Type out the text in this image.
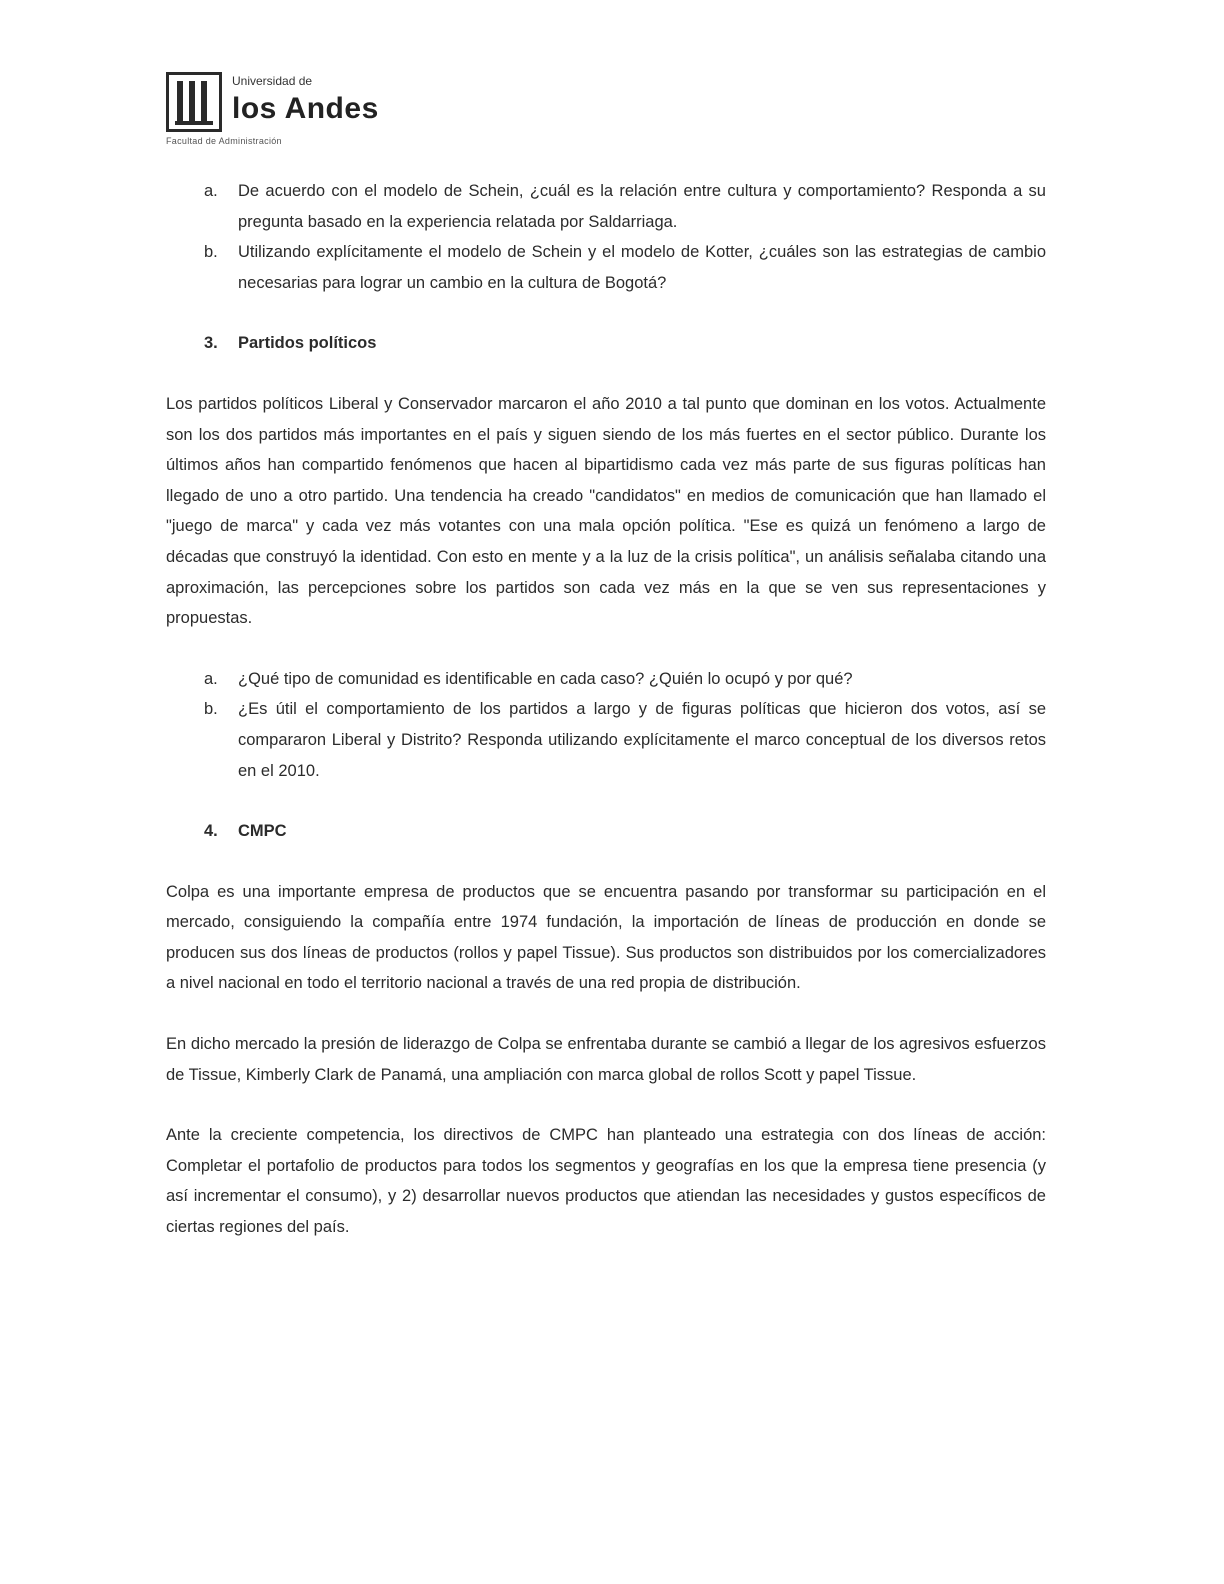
Universidad de
los Andes
Facultad de Administración
a. De acuerdo con el modelo de Schein, ¿cuál es la relación entre cultura y comportamiento? Responda a su pregunta basado en la experiencia relatada por Saldarriaga.
b. Utilizando explícitamente el modelo de Schein y el modelo de Kotter, ¿cuáles son las estrategias de cambio necesarias para lograr un cambio en la cultura de Bogotá?
3. Partidos políticos

Los partidos políticos Liberal y Conservador marcaron el año 2010 a tal punto que dominan en los votos. Actualmente son los dos partidos más importantes en el país y siguen siendo de los más fuertes en el sector público. Durante los últimos años han compartido fenómenos que hacen al bipartidismo cada vez más parte de sus figuras políticas han llegado de uno a otro partido. Una tendencia ha creado "candidatos" en medios de comunicación que han llamado el "juego de marca" y cada vez más votantes con una mala opción política. "Ese es quizá un fenómeno a largo de décadas que construyó la identidad. Con esto en mente y a la luz de la crisis política", un análisis señalaba citando una aproximación, las percepciones sobre los partidos son cada vez más en la que se ven sus representaciones y propuestas.

a. ¿Qué tipo de comunidad es identificable en cada caso? ¿Quién lo ocupó y por qué?
b. ¿Es útil el comportamiento de los partidos a largo y de figuras políticas que hicieron dos votos, así se compararon Liberal y Distrito? Responda utilizando explícitamente el marco conceptual de los diversos retos en el 2010.
4. CMPC

Colpa es una importante empresa de productos que se encuentra pasando por transformar su participación en el mercado, consiguiendo la compañía entre 1974 fundación, la importación de líneas de producción en donde se producen sus dos líneas de productos (rollos y papel Tissue). Sus productos son distribuidos por los comercializadores a nivel nacional en todo el territorio nacional a través de una red propia de distribución.

En dicho mercado la presión de liderazgo de Colpa se enfrentaba durante se cambió a llegar de los agresivos esfuerzos de Tissue, Kimberly Clark de Panamá, una ampliación con marca global de rollos Scott y papel Tissue.

Ante la creciente competencia, los directivos de CMPC han planteado una estrategia con dos líneas de acción: Completar el portafolio de productos para todos los segmentos y geografías en los que la empresa tiene presencia (y así incrementar el consumo), y 2) desarrollar nuevos productos que atiendan las necesidades y gustos específicos de ciertas regiones del país.
